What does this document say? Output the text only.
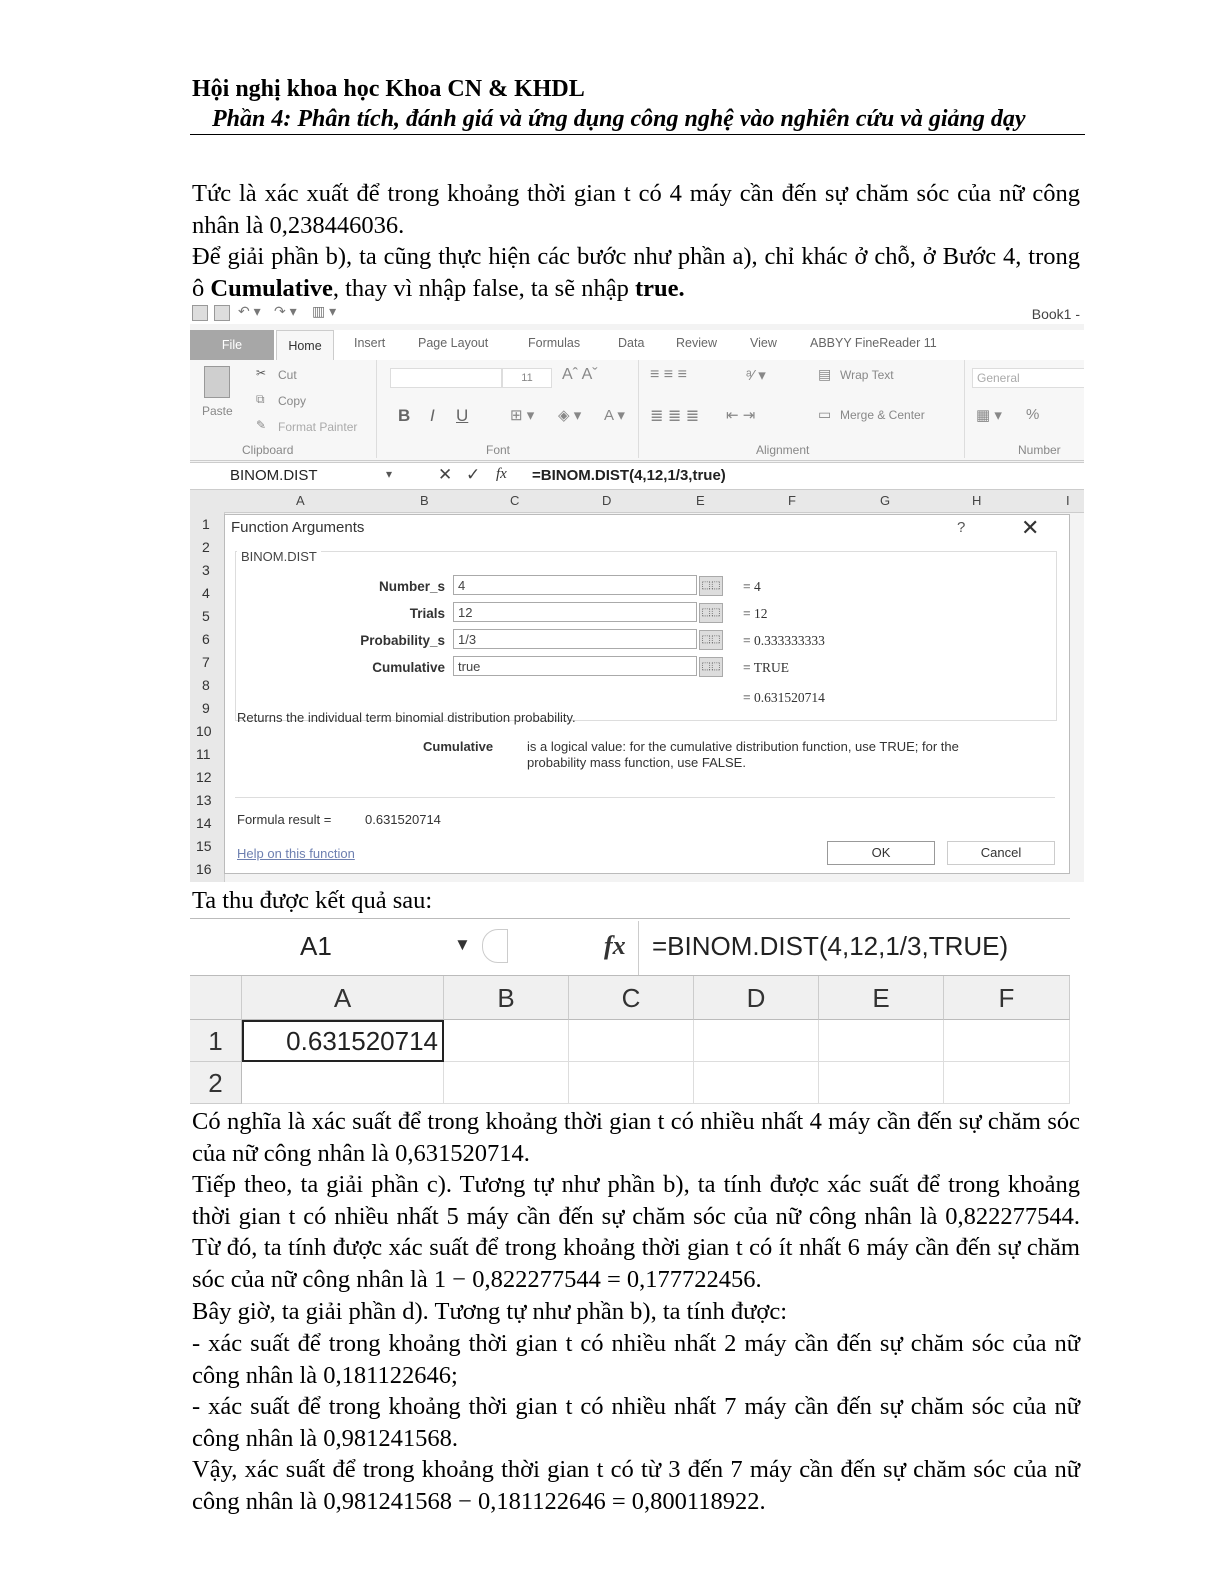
Hội nghị khoa học Khoa CN & KHDL
Phần 4: Phân tích, đánh giá và ứng dụng công nghệ vào nghiên cứu và giảng dạy

Tức là xác xuất để trong khoảng thời gian t có 4 máy cần đến sự chăm sóc của nữ công nhân là 0,238446036.

Để giải phần b), ta cũng thực hiện các bước như phần a), chỉ khác ở chỗ, ở Bước 4, trong ô Cumulative, thay vì nhập false, ta sẽ nhập true.

↶ ▾ ↷ ▾ ▥ ▾	Book1 -
File	Home	Insert	Page Layout	Formulas	Data	Review	View	ABBYY FineReader 11
Paste
✂ Cut
⧉ Copy
✎ Format Painter
Clipboard
11	Aˆ Aˇ
B I U	⊞ ▾ ◈ ▾ A ▾
Font
≡ ≡ ≡	ᵃ⁄ ▾
≣ ≣ ≣ ⇤ ⇥
▤ Wrap Text
▭ Merge & Center
Alignment
General
▦ ▾ %
Number
BINOM.DIST	▾	✕ ✓ fx =BINOM.DIST(4,12,1/3,true)
A	B	C	D	E	F	G	H	I
1
2
3
4
5
6
7
8
9
10
11
12
13
14
15
16
Function Arguments	?	✕
BINOM.DIST
Number_s	4	⬚⬚ = 4
Trials	12	⬚⬚ = 12
Probability_s	1/3	⬚⬚ = 0.333333333
Cumulative	true	⬚⬚ = TRUE
= 0.631520714
Returns the individual term binomial distribution probability.
Cumulative	is a logical value: for the cumulative distribution function, use TRUE; for the
probability mass function, use FALSE.
Formula result =	0.631520714
Help on this function	OK	Cancel

Ta thu được kết quả sau:

A1	▼	fx =BINOM.DIST(4,12,1/3,TRUE)
A	B	C	D	E	F
1
2
0.631520714

Có nghĩa là xác suất để trong khoảng thời gian t có nhiều nhất 4 máy cần đến sự chăm sóc của nữ công nhân là 0,631520714.

Tiếp theo, ta giải phần c). Tương tự như phần b), ta tính được xác suất để trong khoảng thời gian t có nhiều nhất 5 máy cần đến sự chăm sóc của nữ công nhân là 0,822277544. Từ đó, ta tính được xác suất để trong khoảng thời gian t có ít nhất 6 máy cần đến sự chăm sóc của nữ công nhân là 1 − 0,822277544 = 0,177722456.

Bây giờ, ta giải phần d). Tương tự như phần b), ta tính được:

- xác suất để trong khoảng thời gian t có nhiều nhất 2 máy cần đến sự chăm sóc của nữ công nhân là 0,181122646;

- xác suất để trong khoảng thời gian t có nhiều nhất 7 máy cần đến sự chăm sóc của nữ công nhân là 0,981241568.

Vậy, xác suất để trong khoảng thời gian t có từ 3 đến 7 máy cần đến sự chăm sóc của nữ công nhân là 0,981241568 − 0,181122646 = 0,800118922.
